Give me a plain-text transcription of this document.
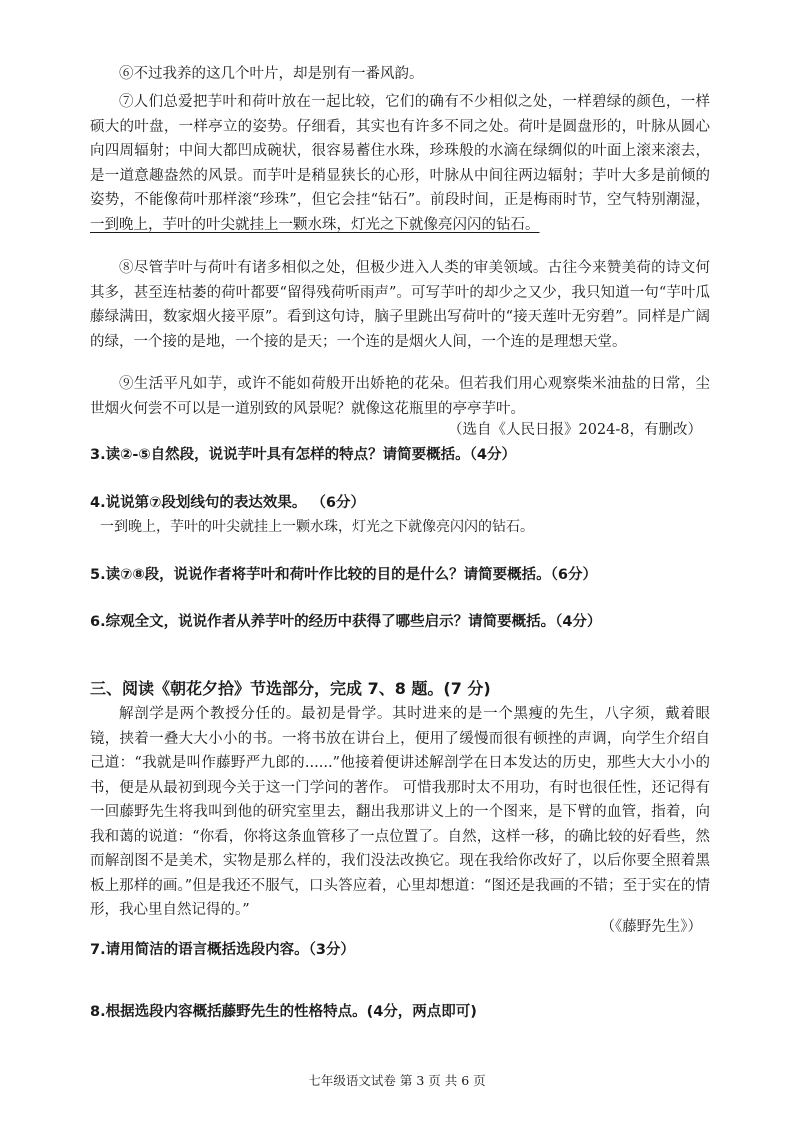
⑥不过我养的这几个叶片，却是别有一番风韵。

⑦人们总爱把芋叶和荷叶放在一起比较，它们的确有不少相似之处，一样碧绿的颜色，一样硕大的叶盘，一样亭立的姿势。仔细看，其实也有许多不同之处。荷叶是圆盘形的，叶脉从圆心向四周辐射；中间大都凹成碗状，很容易蓄住水珠，珍珠般的水滴在绿绸似的叶面上滚来滚去，是一道意趣盎然的风景。而芋叶是稍显狭长的心形，叶脉从中间往两边辐射；芋叶大多是前倾的姿势，不能像荷叶那样滚“珍珠”，但它会挂“钻石”。前段时间，正是梅雨时节，空气特别潮湿，一到晚上，芋叶的叶尖就挂上一颗水珠，灯光之下就像亮闪闪的钻石。

⑧尽管芋叶与荷叶有诸多相似之处，但极少进入人类的审美领域。古往今来赞美荷的诗文何其多，甚至连枯萎的荷叶都要“留得残荷听雨声”。可写芋叶的却少之又少，我只知道一句“芋叶瓜藤绿满田，数家烟火接平原”。看到这句诗，脑子里跳出写荷叶的“接天莲叶无穷碧”。同样是广阔的绿，一个接的是地，一个接的是天；一个连的是烟火人间，一个连的是理想天堂。

⑨生活平凡如芋，或许不能如荷般开出娇艳的花朵。但若我们用心观察柴米油盐的日常，尘世烟火何尝不可以是一道别致的风景呢？就像这花瓶里的亭亭芋叶。

（选自《人民日报》2024-8，有删改）

3.读②-⑤自然段，说说芋叶具有怎样的特点？请简要概括。（4分）

4.说说第⑦段划线句的表达效果。 （6分）

一到晚上，芋叶的叶尖就挂上一颗水珠，灯光之下就像亮闪闪的钻石。

5.读⑦⑧段，说说作者将芋叶和荷叶作比较的目的是什么？请简要概括。（6分）

6.综观全文，说说作者从养芋叶的经历中获得了哪些启示？请简要概括。（4分）

三、阅读《朝花夕拾》节选部分，完成 7、8 题。(7 分)

解剖学是两个教授分任的。最初是骨学。其时进来的是一个黑瘦的先生，八字须，戴着眼镜，挟着一叠大大小小的书。一将书放在讲台上，便用了缓慢而很有顿挫的声调，向学生介绍自己道：“我就是叫作藤野严九郎的......”他接着便讲述解剖学在日本发达的历史，那些大大小小的书，便是从最初到现今关于这一门学问的著作。 可惜我那时太不用功，有时也很任性，还记得有一回藤野先生将我叫到他的研究室里去，翻出我那讲义上的一个图来，是下臂的血管，指着，向我和蔼的说道：“你看，你将这条血管移了一点位置了。自然，这样一移，的确比较的好看些，然而解剖图不是美术，实物是那么样的，我们没法改换它。现在我给你改好了，以后你要全照着黑板上那样的画。”但是我还不服气，口头答应着，心里却想道：“图还是我画的不错；至于实在的情形，我心里自然记得的。”

（《藤野先生》）

7.请用简洁的语言概括选段内容。（3分）

8.根据选段内容概括藤野先生的性格特点。(4分，两点即可)

七年级语文试卷 第 3 页 共 6 页
